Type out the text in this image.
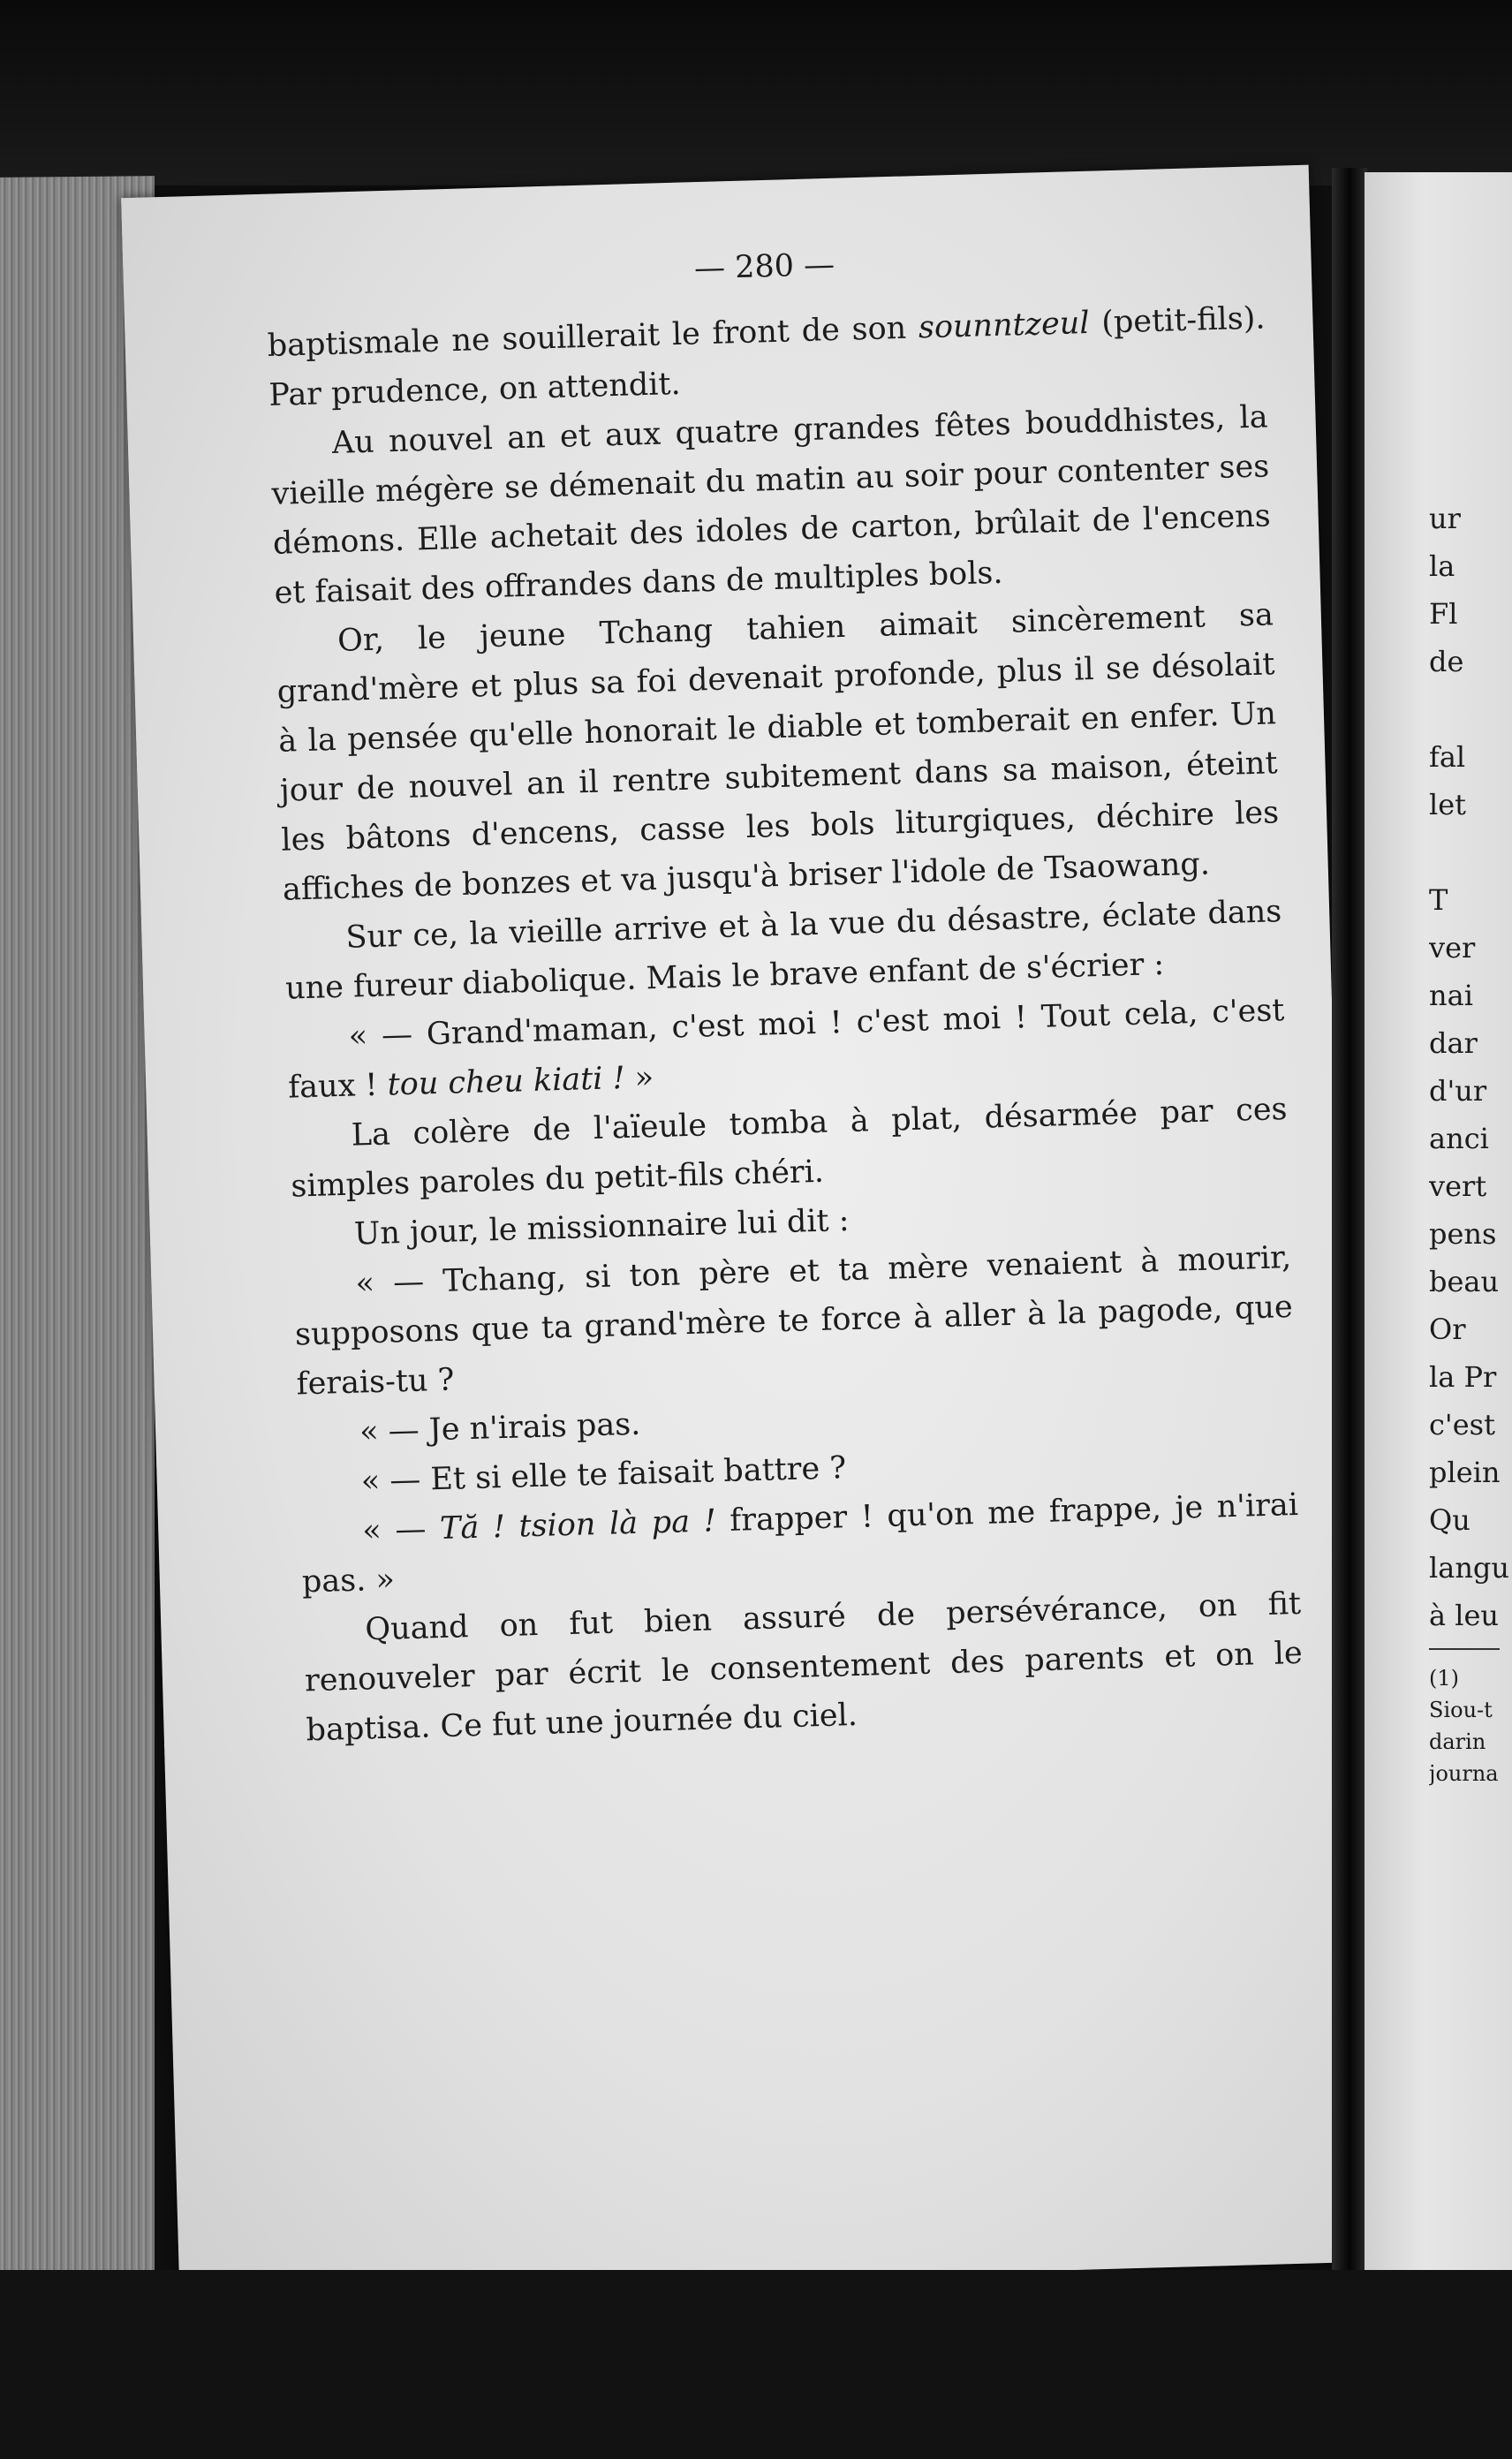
— 280 —

baptismale ne souillerait le front de son sounntzeul (petit-fils). Par prudence, on attendit.

Au nouvel an et aux quatre grandes fêtes bouddhistes, la vieille mégère se démenait du matin au soir pour contenter ses démons. Elle achetait des idoles de carton, brûlait de l'encens et faisait des offrandes dans de multiples bols.

Or, le jeune Tchang tahien aimait sincèrement sa grand'mère et plus sa foi devenait profonde, plus il se désolait à la pensée qu'elle honorait le diable et tomberait en enfer. Un jour de nouvel an il rentre subitement dans sa maison, éteint les bâtons d'encens, casse les bols liturgiques, déchire les affiches de bonzes et va jusqu'à briser l'idole de Tsaowang.

Sur ce, la vieille arrive et à la vue du désastre, éclate dans une fureur diabolique. Mais le brave enfant de s'écrier :

« — Grand'maman, c'est moi ! c'est moi ! Tout cela, c'est faux ! tou cheu kiati ! »

La colère de l'aïeule tomba à plat, désarmée par ces simples paroles du petit-fils chéri.

Un jour, le missionnaire lui dit :

« — Tchang, si ton père et ta mère venaient à mourir, supposons que ta grand'mère te force à aller à la pagode, que ferais-tu ?

« — Je n'irais pas.

« — Et si elle te faisait battre ?

« — Tă ! tsion là pa ! frapper ! qu'on me frappe, je n'irai pas. »

Quand on fut bien assuré de persévérance, on fit renouveler par écrit le consentement des parents et on le baptisa. Ce fut une journée du ciel.

ur
la
Fl
de
fal
let
T
ver
nai
dar
d'ur
anci
vert
pens
beau
Or
la Pr
c'est
plein
Qu
langu
à leu
(1)
Siou-t
darin
journa
